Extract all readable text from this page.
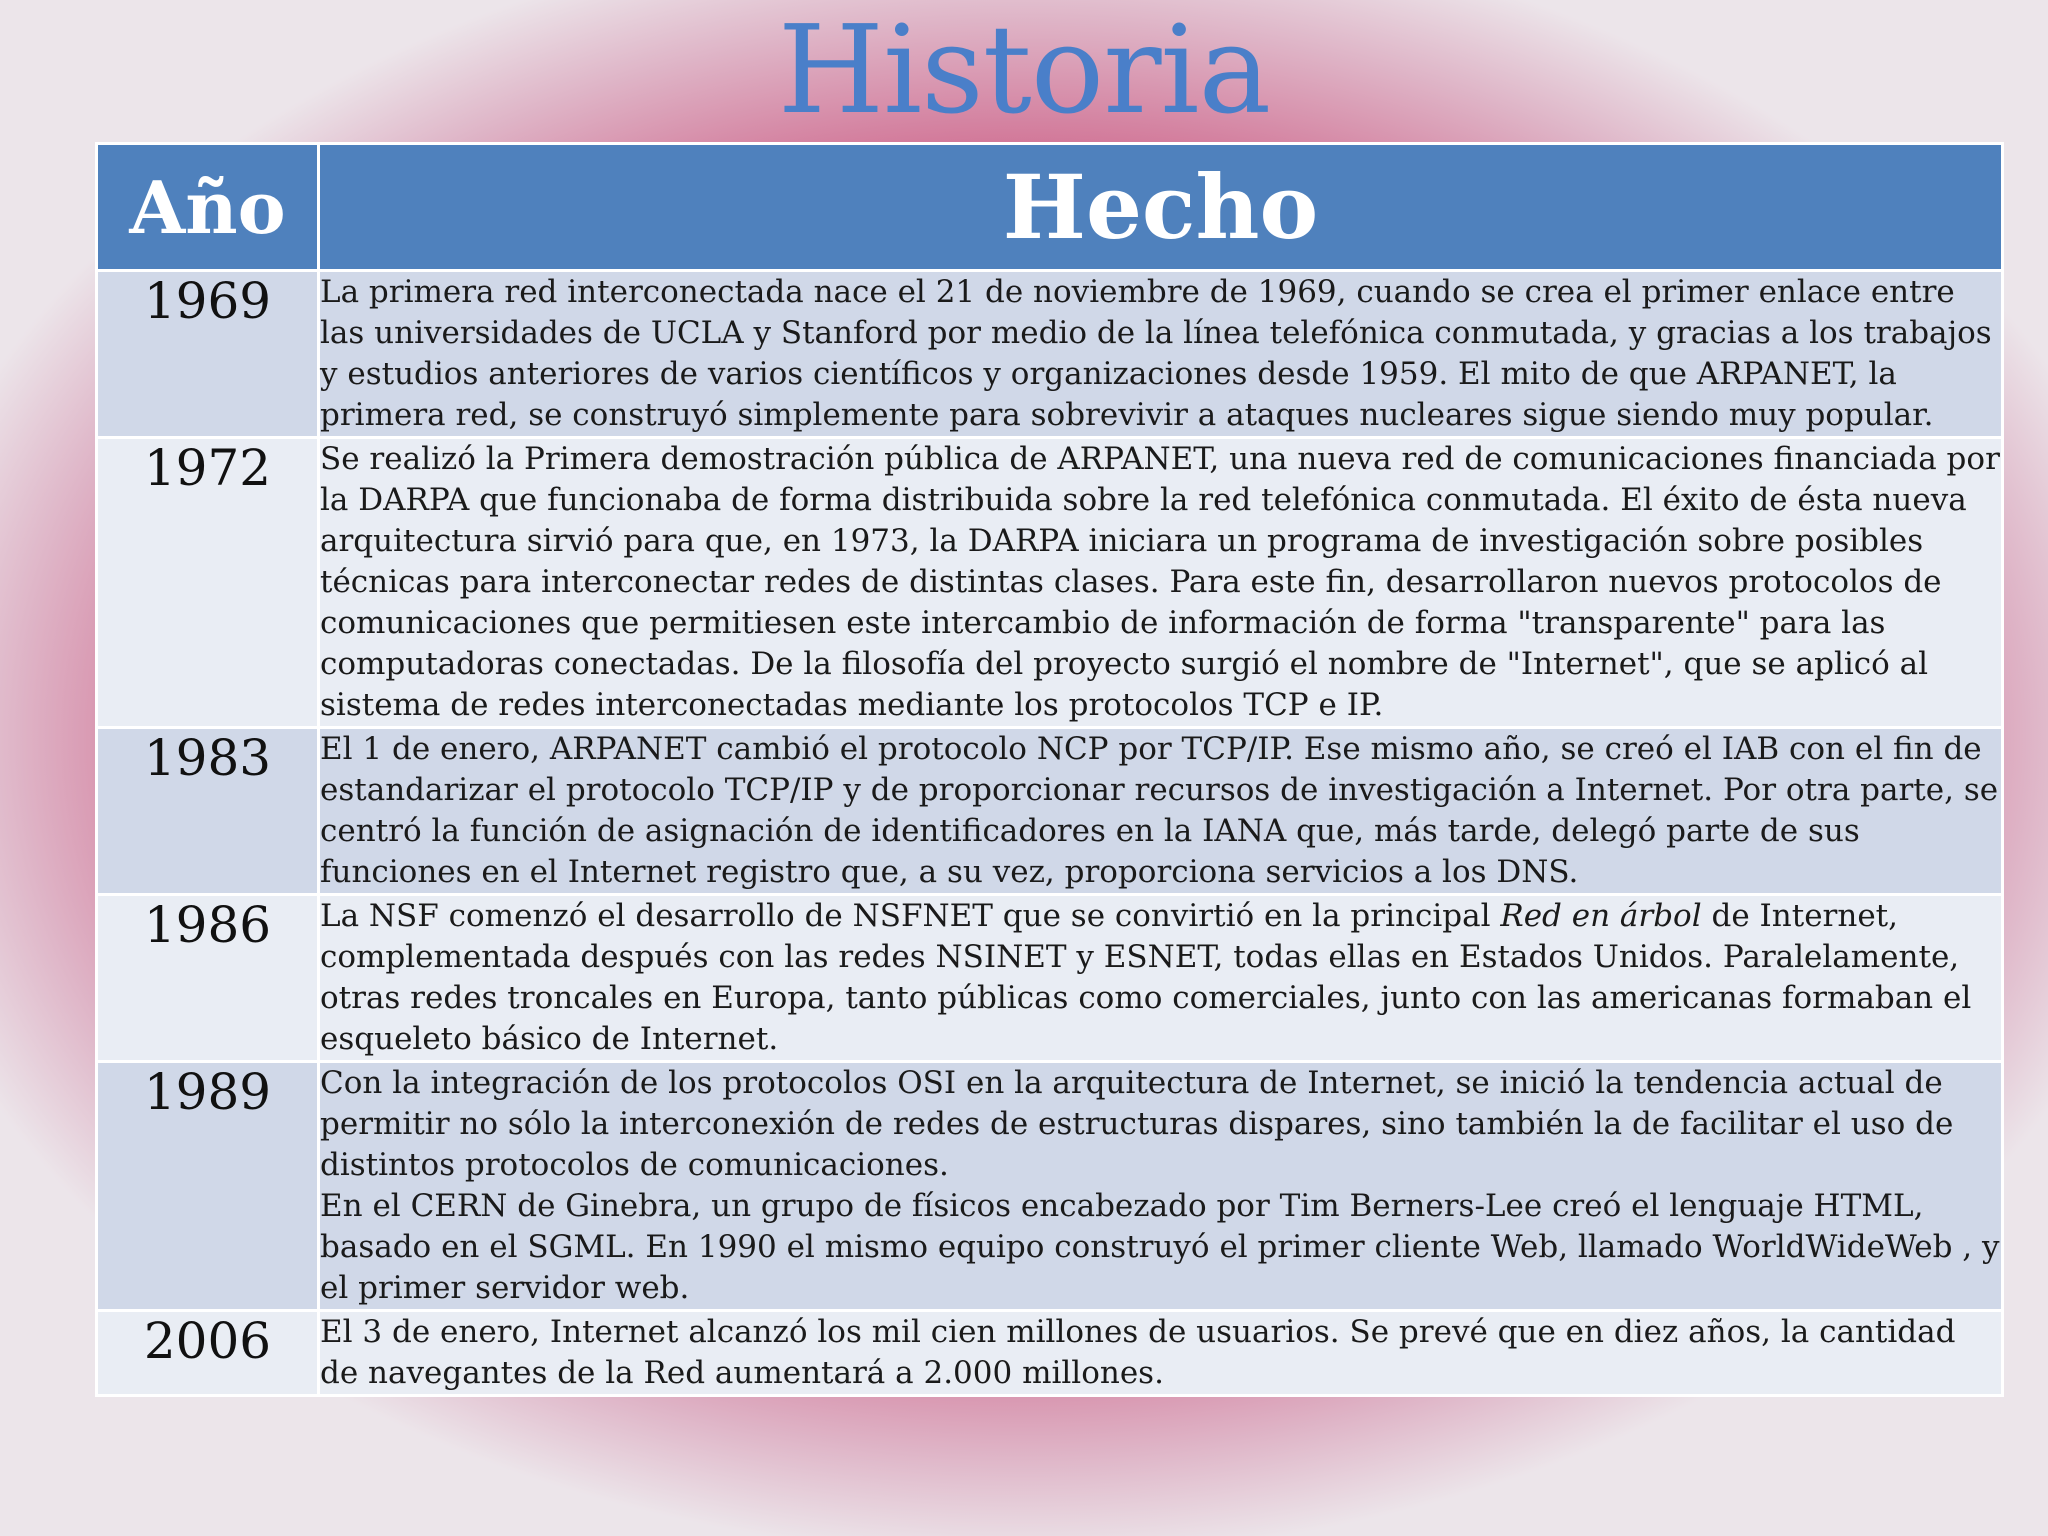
Historia
Año	Hecho
1969	La primera red interconectada nace el 21 de noviembre de 1969, cuando se crea el primer enlace entre las universidades de UCLA y Stanford por medio de la línea telefónica conmutada, y gracias a los trabajos y estudios anteriores de varios científicos y organizaciones desde 1959. El mito de que ARPANET, la primera red, se construyó simplemente para sobrevivir a ataques nucleares sigue siendo muy popular.
1972	Se realizó la Primera demostración pública de ARPANET, una nueva red de comunicaciones financiada por la DARPA que funcionaba de forma distribuida sobre la red telefónica conmutada. El éxito de ésta nueva arquitectura sirvió para que, en 1973, la DARPA iniciara un programa de investigación sobre posibles técnicas para interconectar redes de distintas clases. Para este fin, desarrollaron nuevos protocolos de comunicaciones que permitiesen este intercambio de información de forma "transparente" para las computadoras conectadas. De la filosofía del proyecto surgió el nombre de "Internet", que se aplicó al sistema de redes interconectadas mediante los protocolos TCP e IP.
1983	El 1 de enero, ARPANET cambió el protocolo NCP por TCP/IP. Ese mismo año, se creó el IAB con el fin de estandarizar el protocolo TCP/IP y de proporcionar recursos de investigación a Internet. Por otra parte, se centró la función de asignación de identificadores en la IANA que, más tarde, delegó parte de sus funciones en el Internet registro que, a su vez, proporciona servicios a los DNS.
1986	La NSF comenzó el desarrollo de NSFNET que se convirtió en la principal Red en árbol de Internet, complementada después con las redes NSINET y ESNET, todas ellas en Estados Unidos. Paralelamente, otras redes troncales en Europa, tanto públicas como comerciales, junto con las americanas formaban el esqueleto básico de Internet.
1989	Con la integración de los protocolos OSI en la arquitectura de Internet, se inició la tendencia actual de permitir no sólo la interconexión de redes de estructuras dispares, sino también la de facilitar el uso de distintos protocolos de comunicaciones.
En el CERN de Ginebra, un grupo de físicos encabezado por Tim Berners-Lee creó el lenguaje HTML, basado en el SGML. En 1990 el mismo equipo construyó el primer cliente Web, llamado WorldWideWeb , y el primer servidor web.
2006	El 3 de enero, Internet alcanzó los mil cien millones de usuarios. Se prevé que en diez años, la cantidad de navegantes de la Red aumentará a 2.000 millones.
